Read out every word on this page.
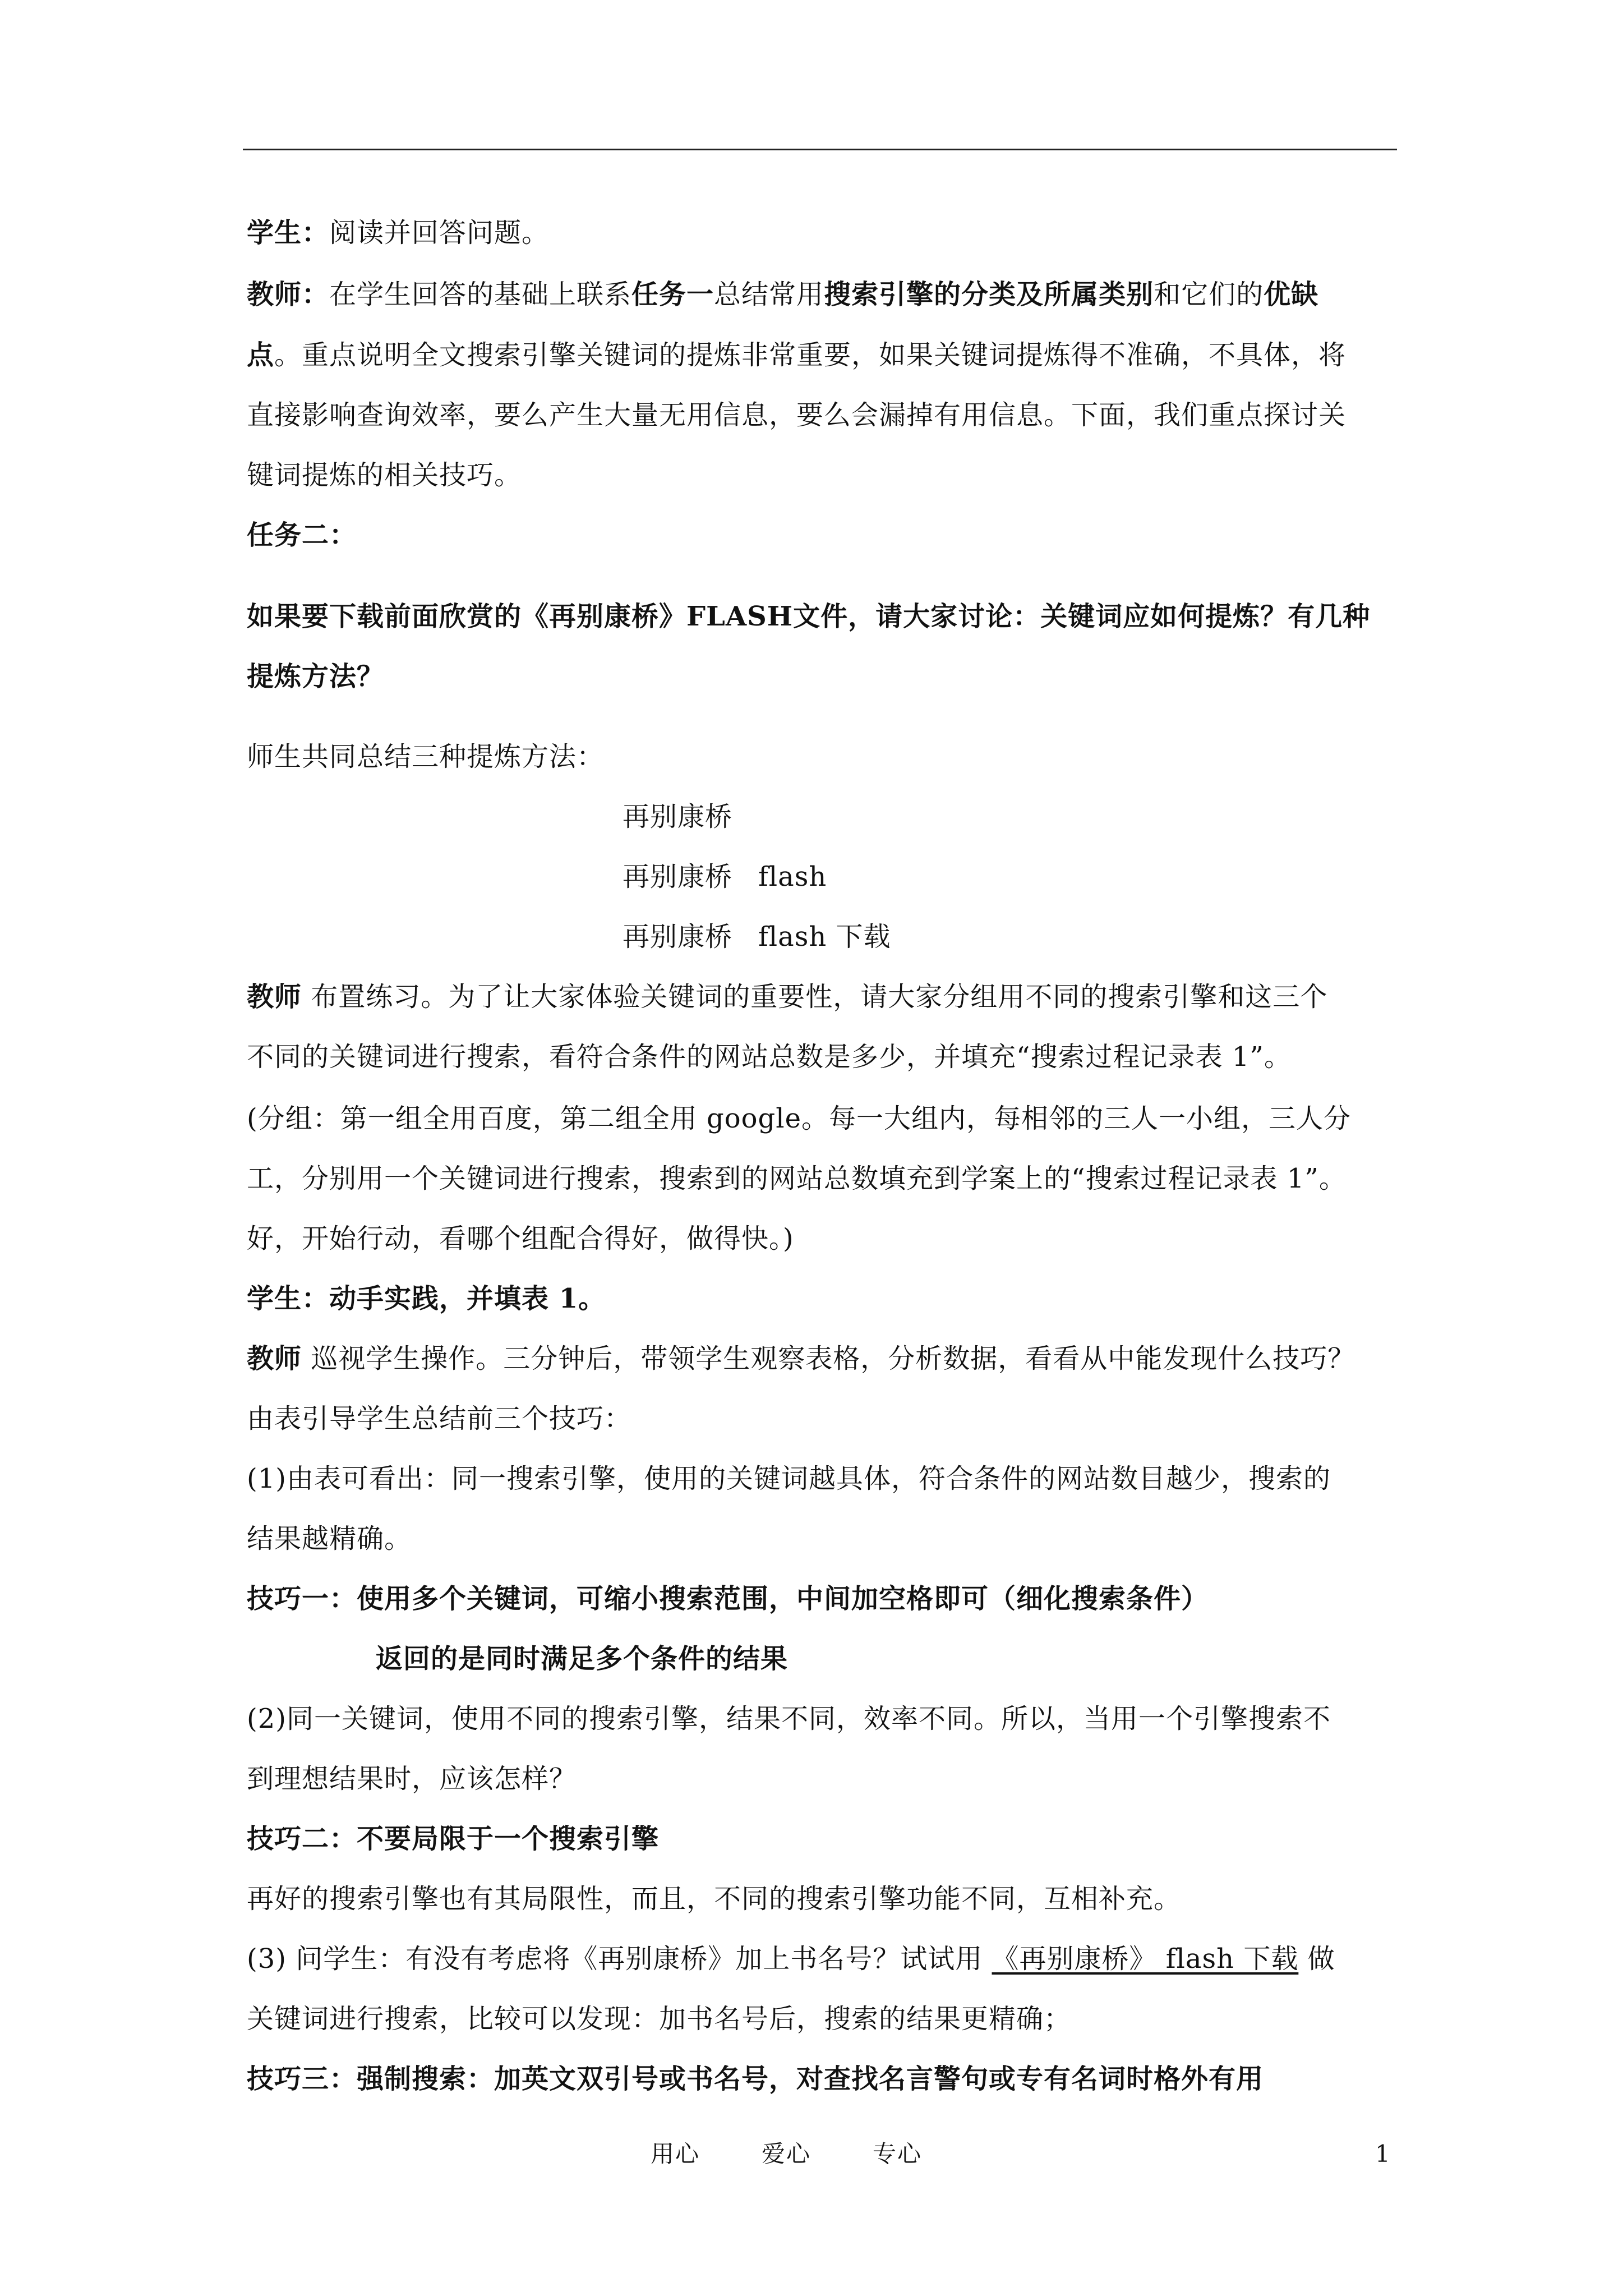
学生：阅读并回答问题。
教师：在学生回答的基础上联系任务一总结常用搜索引擎的分类及所属类别和它们的优缺
点。重点说明全文搜索引擎关键词的提炼非常重要，如果关键词提炼得不准确，不具体，将
直接影响查询效率，要么产生大量无用信息，要么会漏掉有用信息。下面，我们重点探讨关
键词提炼的相关技巧。
任务二：
如果要下载前面欣赏的《再别康桥》FLASH文件，请大家讨论：关键词应如何提炼？有几种
提炼方法？
师生共同总结三种提炼方法：
再别康桥
再别康桥 flash
再别康桥 flash 下载
教师 布置练习。为了让大家体验关键词的重要性，请大家分组用不同的搜索引擎和这三个
不同的关键词进行搜索，看符合条件的网站总数是多少，并填充“搜索过程记录表 1”。
(分组：第一组全用百度，第二组全用 google。每一大组内，每相邻的三人一小组，三人分
工，分别用一个关键词进行搜索，搜索到的网站总数填充到学案上的“搜索过程记录表 1”。
好，开始行动，看哪个组配合得好，做得快。)
学生：动手实践，并填表 1。
教师 巡视学生操作。三分钟后，带领学生观察表格，分析数据，看看从中能发现什么技巧？
由表引导学生总结前三个技巧：
(1)由表可看出：同一搜索引擎，使用的关键词越具体，符合条件的网站数目越少，搜索的
结果越精确。
技巧一：使用多个关键词，可缩小搜索范围，中间加空格即可（细化搜索条件）
返回的是同时满足多个条件的结果
(2)同一关键词，使用不同的搜索引擎，结果不同，效率不同。所以，当用一个引擎搜索不
到理想结果时，应该怎样？
技巧二：不要局限于一个搜索引擎
再好的搜索引擎也有其局限性，而且，不同的搜索引擎功能不同，互相补充。
(3) 问学生：有没有考虑将《再别康桥》加上书名号？试试用 《再别康桥》 flash 下载 做
关键词进行搜索，比较可以发现：加书名号后，搜索的结果更精确；
技巧三：强制搜索：加英文双引号或书名号，对查找名言警句或专有名词时格外有用
用心	爱心	专心	1
